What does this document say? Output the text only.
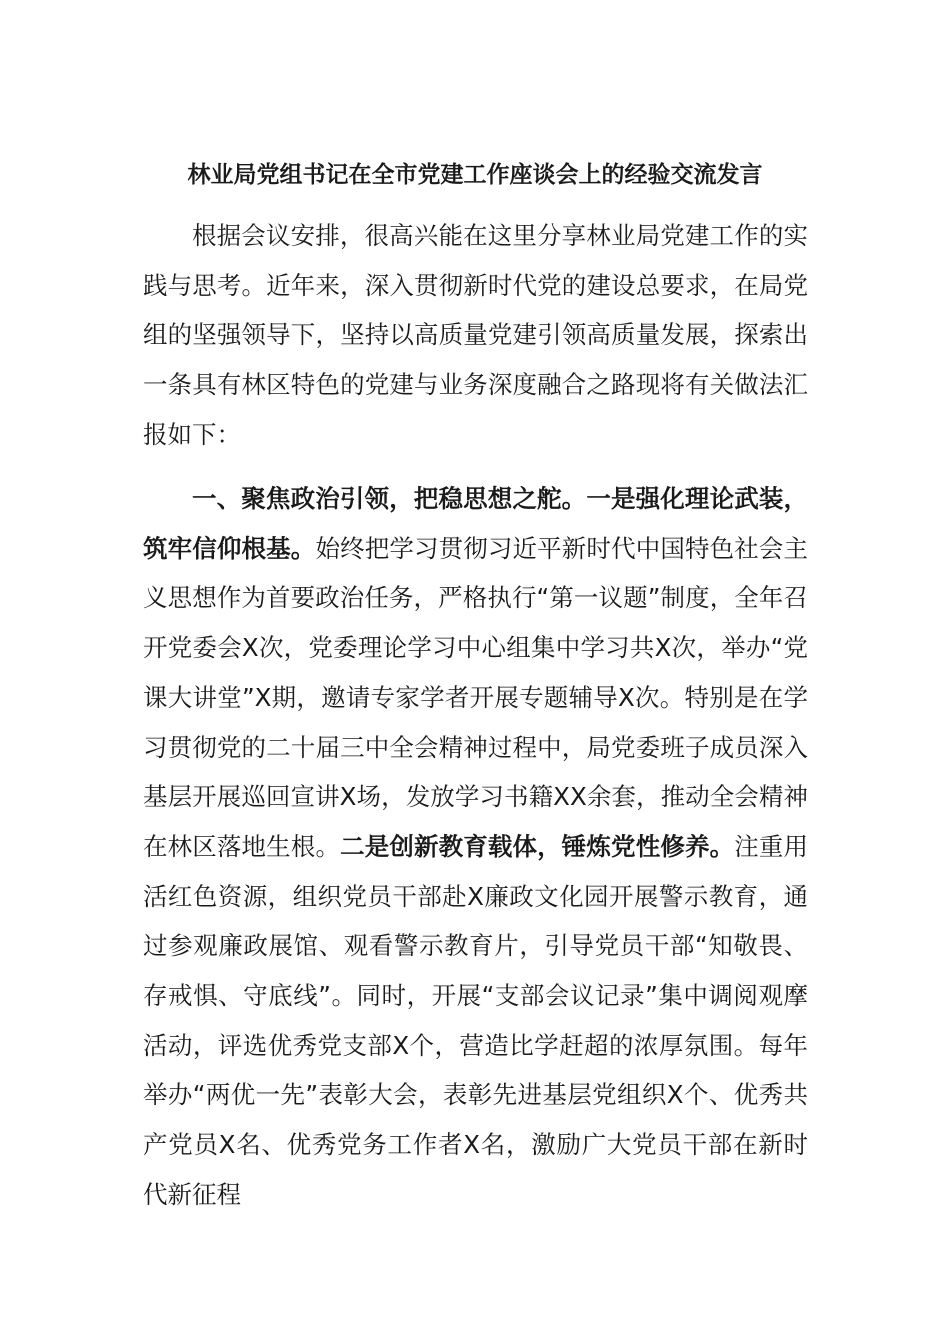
林业局党组书记在全市党建工作座谈会上的经验交流发言

根据会议安排，很高兴能在这里分享林业局党建工作的实践与思考。近年来，深入贯彻新时代党的建设总要求，在局党组的坚强领导下，坚持以高质量党建引领高质量发展，探索出一条具有林区特色的党建与业务深度融合之路现将有关做法汇报如下：

一、聚焦政治引领，把稳思想之舵。一是强化理论武装，筑牢信仰根基。始终把学习贯彻习近平新时代中国特色社会主义思想作为首要政治任务，严格执行“第一议题”制度，全年召开党委会X次，党委理论学习中心组集中学习共X次，举办“党课大讲堂”X期，邀请专家学者开展专题辅导X次。特别是在学习贯彻党的二十届三中全会精神过程中，局党委班子成员深入基层开展巡回宣讲X场，发放学习书籍XX余套，推动全会精神在林区落地生根。二是创新教育载体，锤炼党性修养。注重用活红色资源，组织党员干部赴X廉政文化园开展警示教育，通过参观廉政展馆、观看警示教育片，引导党员干部“知敬畏、存戒惧、守底线”。同时，开展“支部会议记录”集中调阅观摩活动，评选优秀党支部X个，营造比学赶超的浓厚氛围。每年举办“两优一先”表彰大会，表彰先进基层党组织X个、优秀共产党员X名、优秀党务工作者X名，激励广大党员干部在新时代新征程
